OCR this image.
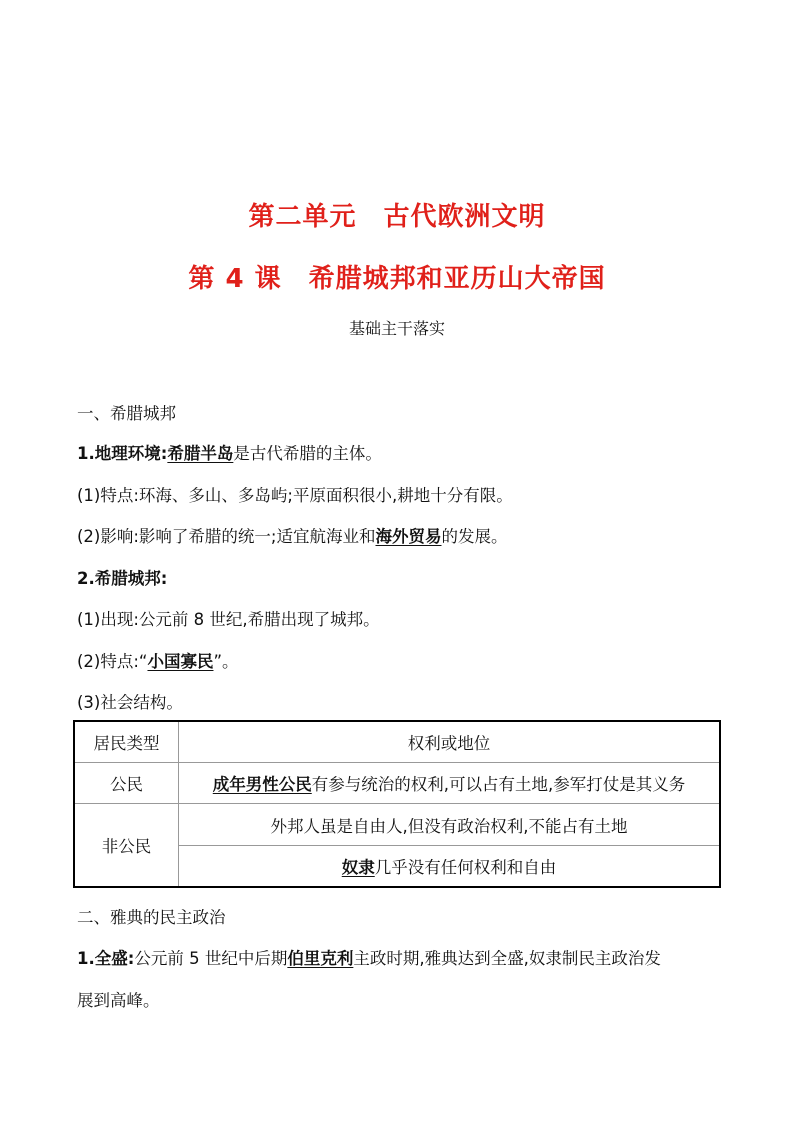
第二单元　古代欧洲文明
第 4 课　希腊城邦和亚历山大帝国
基础主干落实
一、希腊城邦
1.地理环境:希腊半岛是古代希腊的主体。
(1)特点:环海、多山、多岛屿;平原面积很小,耕地十分有限。
(2)影响:影响了希腊的统一;适宜航海业和海外贸易的发展。
2.希腊城邦:
(1)出现:公元前 8 世纪,希腊出现了城邦。
(2)特点:“小国寡民”。
(3)社会结构。
居民类型	权利或地位
公民	成年男性公民有参与统治的权利,可以占有土地,参军打仗是其义务
非公民	外邦人虽是自由人,但没有政治权利,不能占有土地
	奴隶几乎没有任何权利和自由
二、雅典的民主政治
1.全盛:公元前 5 世纪中后期伯里克利主政时期,雅典达到全盛,奴隶制民主政治发
展到高峰。
